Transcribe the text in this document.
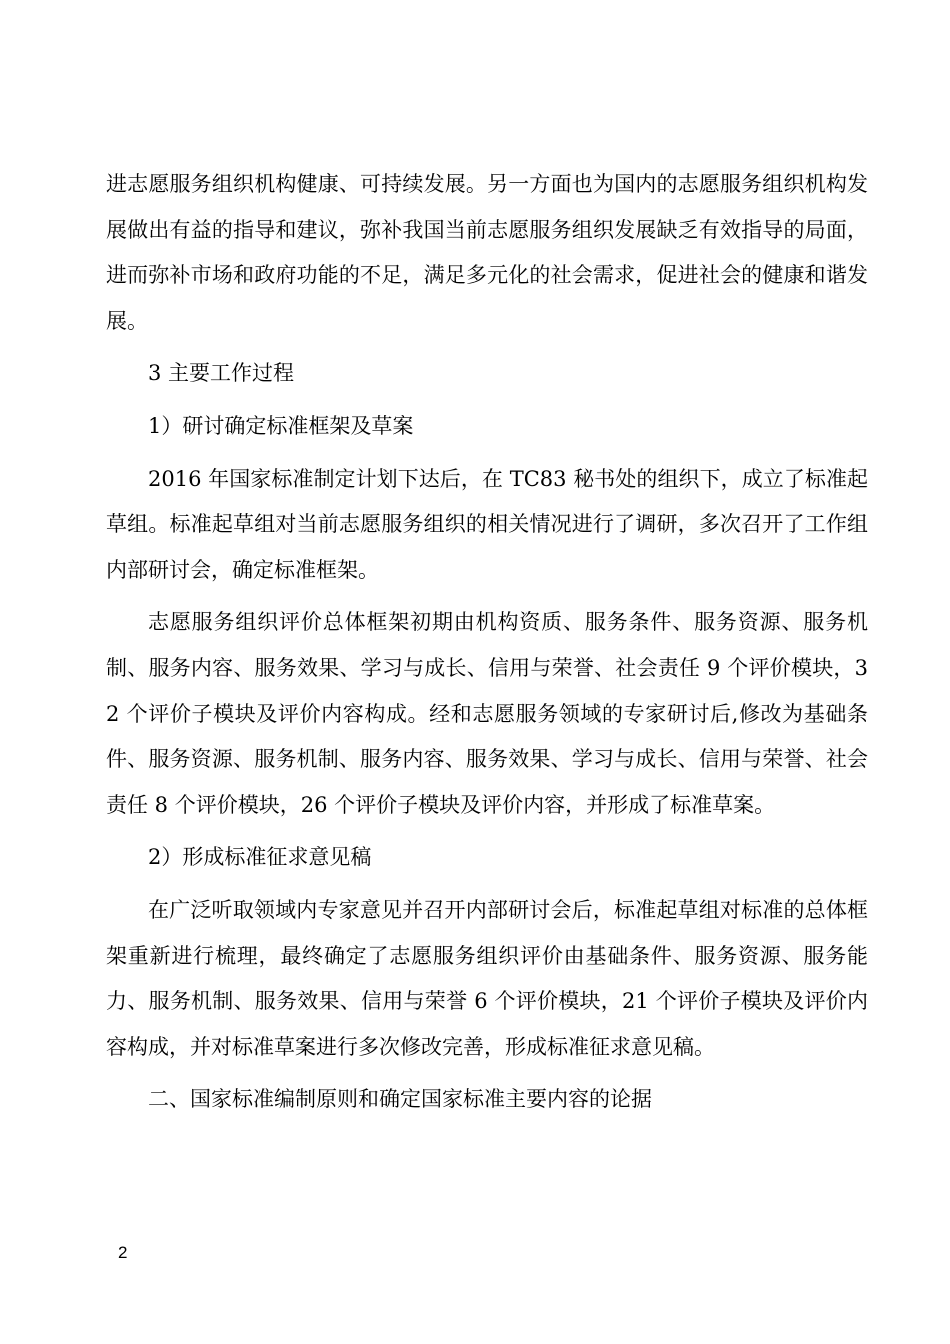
进志愿服务组织机构健康、可持续发展。另一方面也为国内的志愿服务组织机构发展做出有益的指导和建议，弥补我国当前志愿服务组织发展缺乏有效指导的局面，进而弥补市场和政府功能的不足，满足多元化的社会需求，促进社会的健康和谐发展。

3 主要工作过程

1）研讨确定标准框架及草案

2016 年国家标准制定计划下达后，在 TC83 秘书处的组织下，成立了标准起草组。标准起草组对当前志愿服务组织的相关情况进行了调研，多次召开了工作组内部研讨会，确定标准框架。

志愿服务组织评价总体框架初期由机构资质、服务条件、服务资源、服务机制、服务内容、服务效果、学习与成长、信用与荣誉、社会责任 9 个评价模块，32 个评价子模块及评价内容构成。经和志愿服务领域的专家研讨后,修改为基础条件、服务资源、服务机制、服务内容、服务效果、学习与成长、信用与荣誉、社会责任 8 个评价模块，26 个评价子模块及评价内容，并形成了标准草案。

2）形成标准征求意见稿

在广泛听取领域内专家意见并召开内部研讨会后，标准起草组对标准的总体框架重新进行梳理，最终确定了志愿服务组织评价由基础条件、服务资源、服务能力、服务机制、服务效果、信用与荣誉 6 个评价模块，21 个评价子模块及评价内容构成，并对标准草案进行多次修改完善，形成标准征求意见稿。

二、国家标准编制原则和确定国家标准主要内容的论据

2
